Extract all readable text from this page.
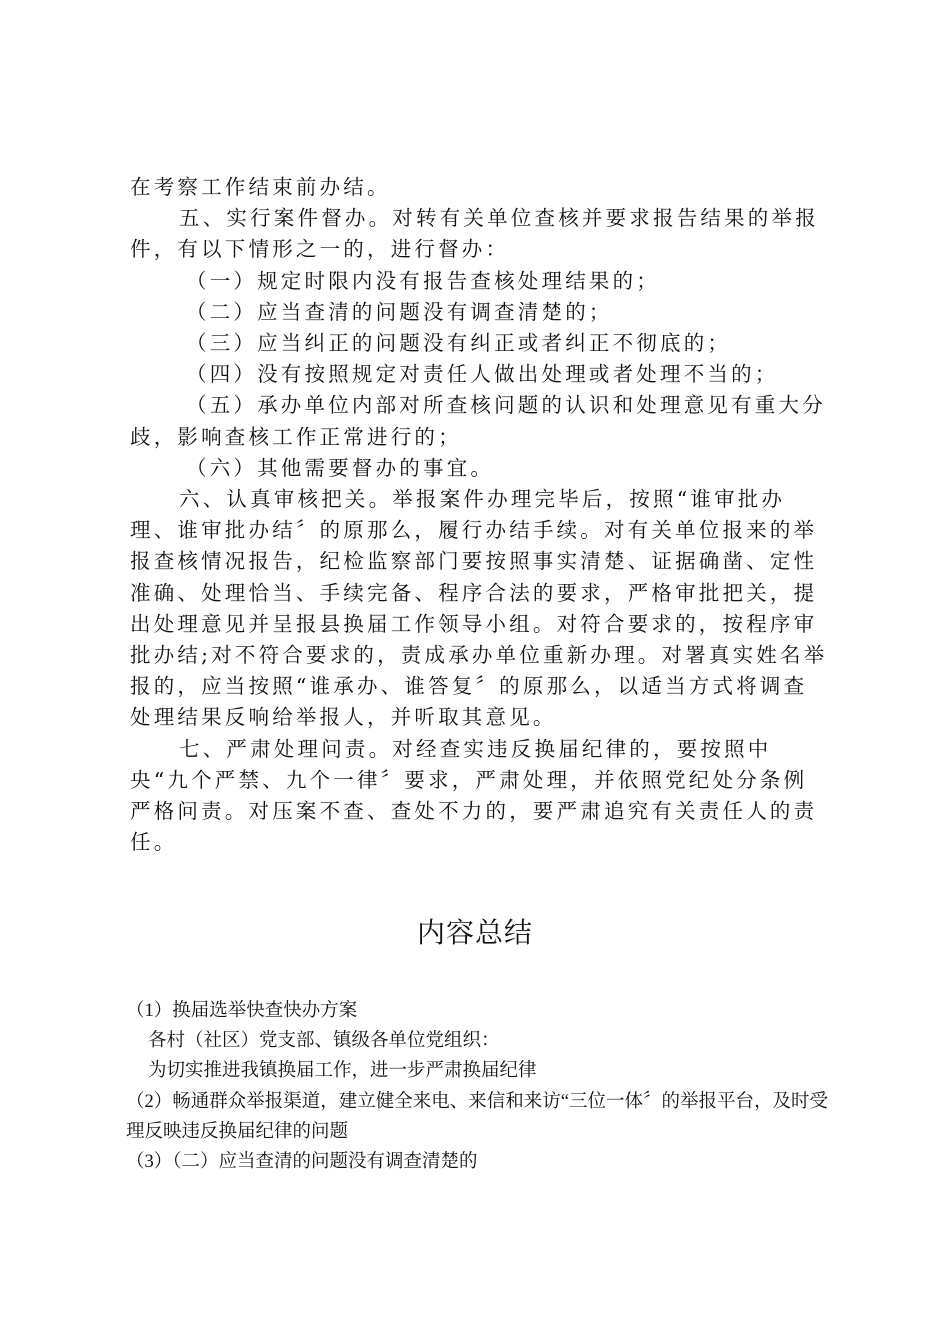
在考察工作结束前办结。

五、实行案件督办。对转有关单位查核并要求报告结果的举报件，有以下情形之一的，进行督办：

（一）规定时限内没有报告查核处理结果的；

（二）应当查清的问题没有调查清楚的；

（三）应当纠正的问题没有纠正或者纠正不彻底的；

（四）没有按照规定对责任人做出处理或者处理不当的；

（五）承办单位内部对所查核问题的认识和处理意见有重大分歧，影响查核工作正常进行的；

（六）其他需要督办的事宜。

六、认真审核把关。举报案件办理完毕后，按照“谁审批办理、谁审批办结〞的原那么，履行办结手续。对有关单位报来的举报查核情况报告，纪检监察部门要按照事实清楚、证据确凿、定性准确、处理恰当、手续完备、程序合法的要求，严格审批把关，提出处理意见并呈报县换届工作领导小组。对符合要求的，按程序审批办结;对不符合要求的，责成承办单位重新办理。对署真实姓名举报的，应当按照“谁承办、谁答复〞的原那么，以适当方式将调查处理结果反响给举报人，并听取其意见。

七、严肃处理问责。对经查实违反换届纪律的，要按照中央“九个严禁、九个一律〞要求，严肃处理，并依照党纪处分条例严格问责。对压案不查、查处不力的，要严肃追究有关责任人的责任。

内容总结

（1）换届选举快查快办方案

各村（社区）党支部、镇级各单位党组织：

为切实推进我镇换届工作，进一步严肃换届纪律

（2）畅通群众举报渠道，建立健全来电、来信和来访“三位一体〞的举报平台，及时受理反映违反换届纪律的问题

（3）（二）应当查清的问题没有调查清楚的
